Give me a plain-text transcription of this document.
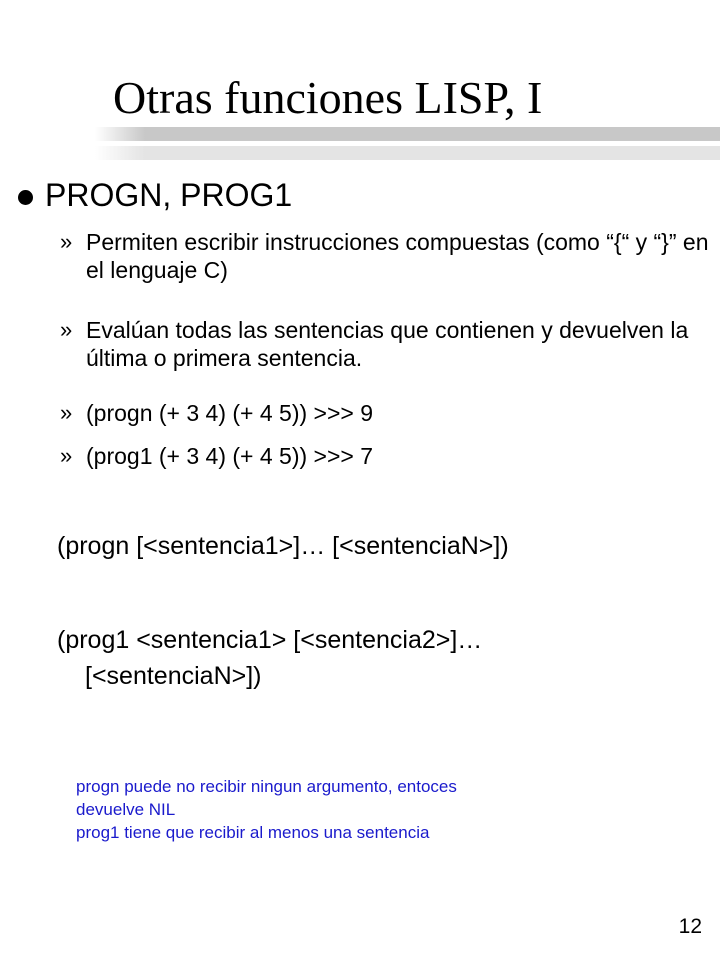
Otras funciones LISP, I
PROGN, PROG1
» Permiten escribir instrucciones compuestas (como “{“ y “}” en el lenguaje C)
» Evalúan todas las sentencias que contienen y devuelven la última o primera sentencia.
» (progn (+ 3 4) (+ 4 5)) >>> 9
» (prog1 (+ 3 4) (+ 4 5)) >>> 7
(progn [<sentencia1>]… [<sentenciaN>])
(prog1 <sentencia1> [<sentencia2>]…
[<sentenciaN>])
progn puede no recibir ningun argumento, entoces
devuelve NIL
prog1 tiene que recibir al menos una sentencia
12
